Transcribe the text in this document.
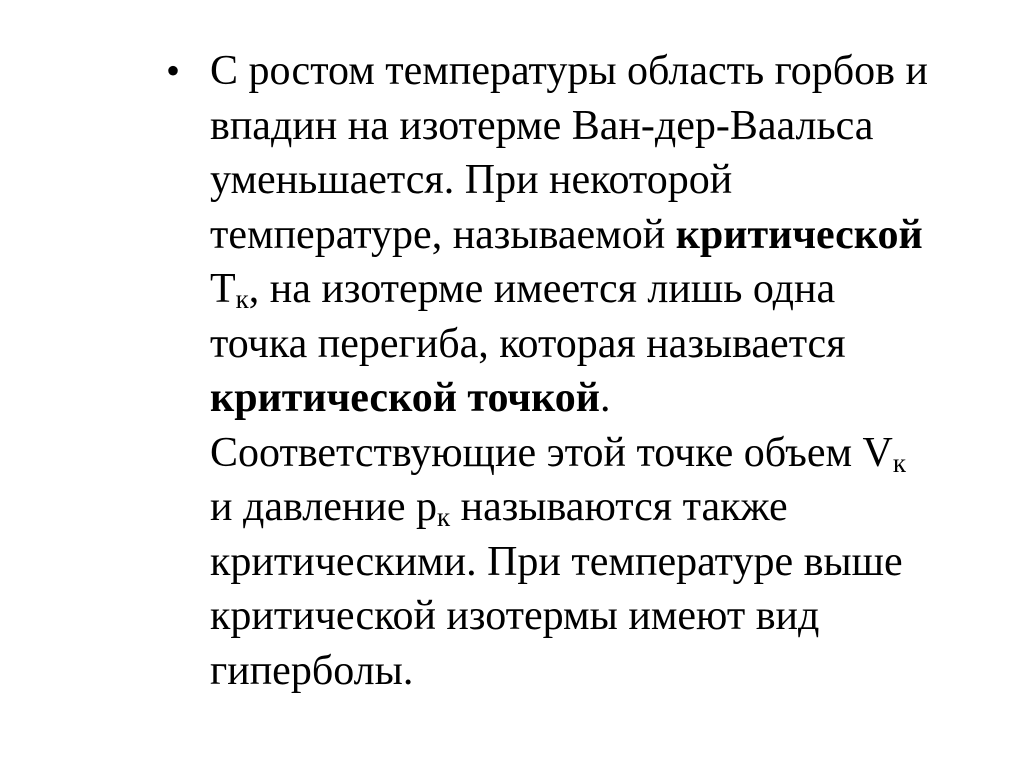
• С ростом температуры область горбов и
впадин на изотерме Ван-дер-Ваальса
уменьшается. При некоторой
температуре, называемой критической
$T_к$, на изотерме имеется лишь одна
точка перегиба, которая называется
критической точкой.
Соответствующие этой точке объем $V_к$
и давление $p_к$ называются также
критическими. При температуре выше
критической изотермы имеют вид
гиперболы.
